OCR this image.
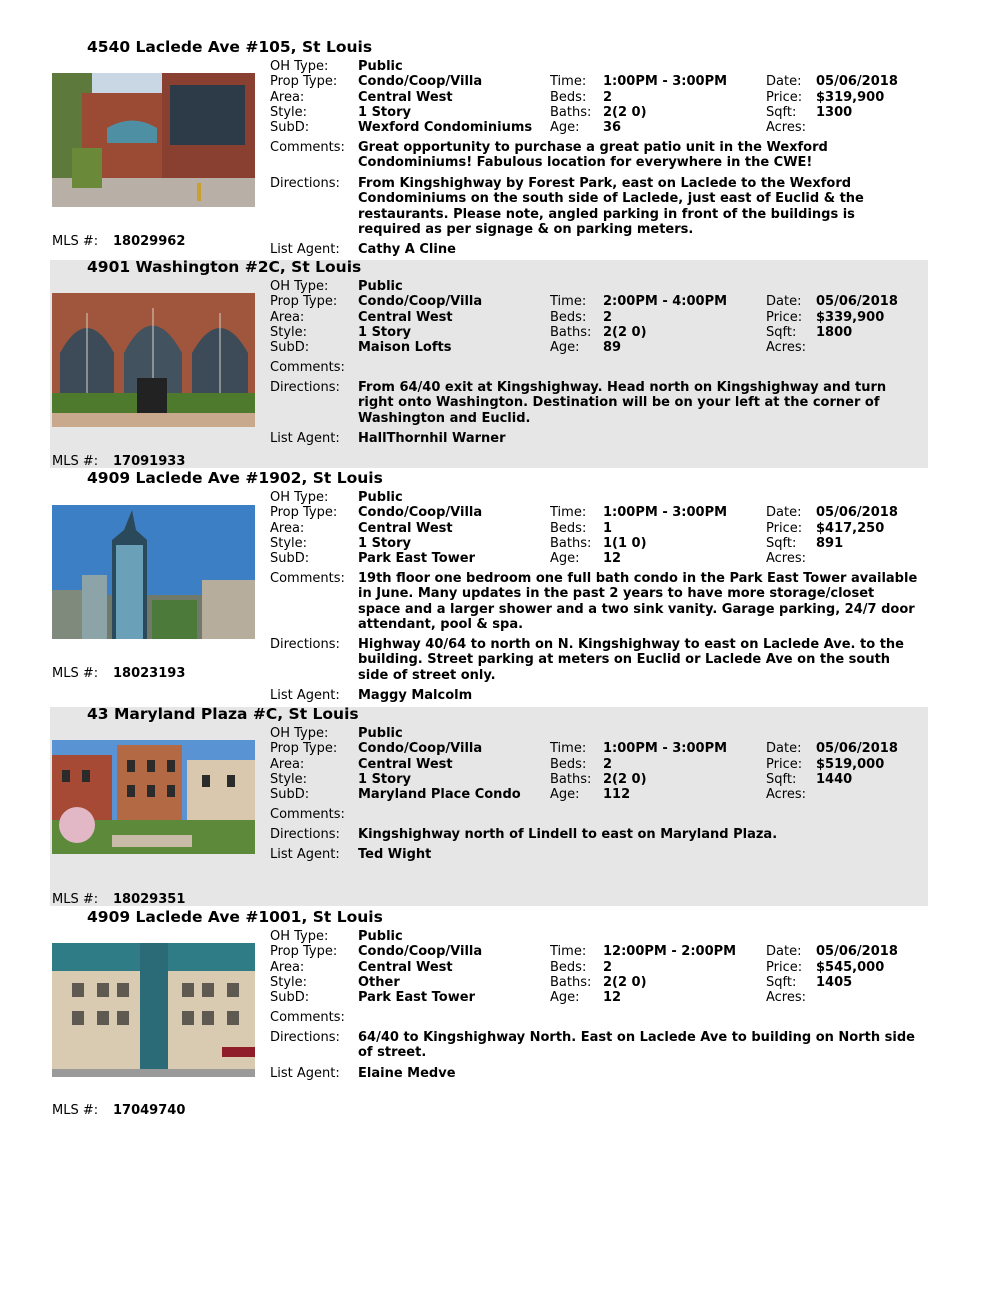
4540 Laclede Ave #105, St Louis
OH Type: Public
Prop Type: Condo/Coop/Villa
Area:	Central West
Style:	1 Story
SubD:	Wexford Condominiums
Time: 1:00PM - 3:00PM
Beds: 2
Baths: 2(2 0)
Age: 36
Date: 05/06/2018
Price: $319,900
Sqft: 1300
Acres:
Comments: Great opportunity to purchase a great patio unit in the Wexford Condominiums! Fabulous location for everywhere in the CWE!
Directions: From Kingshighway by Forest Park, east on Laclede to the Wexford Condominiums on the south side of Laclede, just east of Euclid & the restaurants. Please note, angled parking in front of the buildings is required as per signage & on parking meters.
MLS #: 18029962
List Agent: Cathy A Cline
4901 Washington #2C, St Louis
OH Type: Public
Prop Type: Condo/Coop/Villa
Area:	Central West
Style:	1 Story
SubD:	Maison Lofts
Time: 2:00PM - 4:00PM
Beds: 2
Baths: 2(2 0)
Age: 89
Date: 05/06/2018
Price: $339,900
Sqft: 1800
Acres:
Comments:
Directions: From 64/40 exit at Kingshighway. Head north on Kingshighway and turn right onto Washington. Destination will be on your left at the corner of Washington and Euclid.
List Agent: HallThornhil Warner
MLS #: 17091933
4909 Laclede Ave #1902, St Louis
OH Type: Public
Prop Type: Condo/Coop/Villa
Area:	Central West
Style:	1 Story
SubD:	Park East Tower
Time: 1:00PM - 3:00PM
Beds: 1
Baths: 1(1 0)
Age: 12
Date: 05/06/2018
Price: $417,250
Sqft: 891
Acres:
Comments: 19th floor one bedroom one full bath condo in the Park East Tower available in June. Many updates in the past 2 years to have more storage/closet space and a larger shower and a two sink vanity. Garage parking, 24/7 door attendant, pool & spa.
Directions: Highway 40/64 to north on N. Kingshighway to east on Laclede Ave. to the building. Street parking at meters on Euclid or Laclede Ave on the south side of street only.
MLS #: 18023193
List Agent: Maggy Malcolm
43 Maryland Plaza #C, St Louis
OH Type: Public
Prop Type: Condo/Coop/Villa
Area:	Central West
Style:	1 Story
SubD:	Maryland Place Condo
Time: 1:00PM - 3:00PM
Beds: 2
Baths: 2(2 0)
Age: 112
Date: 05/06/2018
Price: $519,000
Sqft: 1440
Acres:
Comments:
Directions: Kingshighway north of Lindell to east on Maryland Plaza.
List Agent: Ted Wight
MLS #: 18029351
4909 Laclede Ave #1001, St Louis
OH Type: Public
Prop Type: Condo/Coop/Villa
Area:	Central West
Style:	Other
SubD:	Park East Tower
Time: 12:00PM - 2:00PM
Beds: 2
Baths: 2(2 0)
Age: 12
Date: 05/06/2018
Price: $545,000
Sqft: 1405
Acres:
Comments:
Directions: 64/40 to Kingshighway North. East on Laclede Ave to building on North side of street.
List Agent: Elaine Medve
MLS #: 17049740
